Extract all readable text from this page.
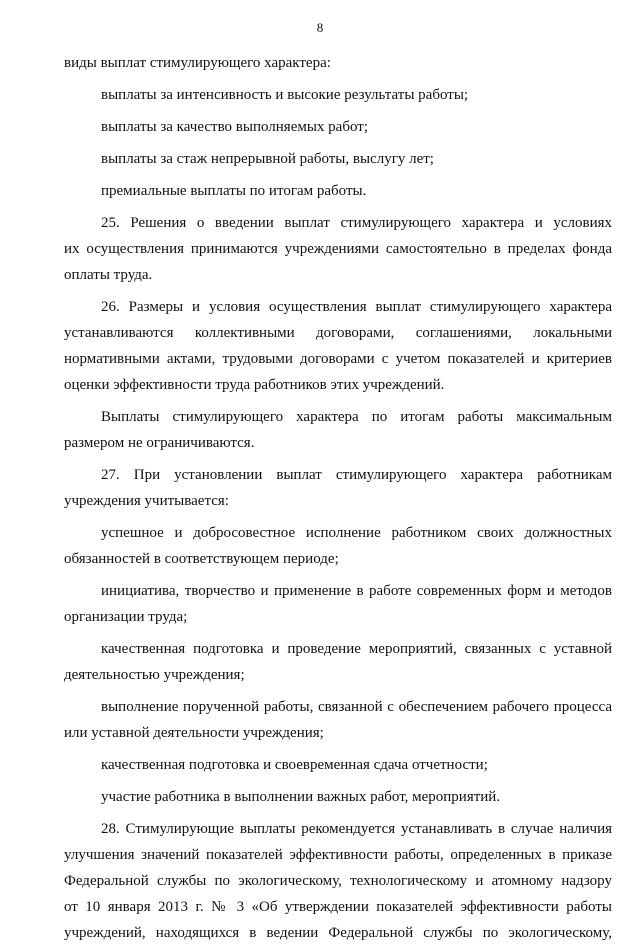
8
виды выплат стимулирующего характера:
выплаты за интенсивность и высокие результаты работы;
выплаты за качество выполняемых работ;
выплаты за стаж непрерывной работы, выслугу лет;
премиальные выплаты по итогам работы.
25. Решения о введении выплат стимулирующего характера и условиях
их осуществления принимаются учреждениями самостоятельно в пределах фонда
оплаты труда.
26. Размеры и условия осуществления выплат стимулирующего характера
устанавливаются коллективными договорами, соглашениями, локальными
нормативными актами, трудовыми договорами с учетом показателей и критериев
оценки эффективности труда работников этих учреждений.
Выплаты стимулирующего характера по итогам работы максимальным
размером не ограничиваются.
27. При установлении выплат стимулирующего характера работникам
учреждения учитывается:
успешное и добросовестное исполнение работником своих должностных
обязанностей в соответствующем периоде;
инициатива, творчество и применение в работе современных форм и методов
организации труда;
качественная подготовка и проведение мероприятий, связанных с уставной
деятельностью учреждения;
выполнение порученной работы, связанной с обеспечением рабочего процесса
или уставной деятельности учреждения;
качественная подготовка и своевременная сдача отчетности;
участие работника в выполнении важных работ, мероприятий.
28. Стимулирующие выплаты рекомендуется устанавливать в случае наличия
улучшения значений показателей эффективности работы, определенных в приказе
Федеральной службы по экологическому, технологическому и атомному надзору
от 10 января 2013 г. № 3 «Об утверждении показателей эффективности работы
учреждений, находящихся в ведении Федеральной службы по экологическому,
